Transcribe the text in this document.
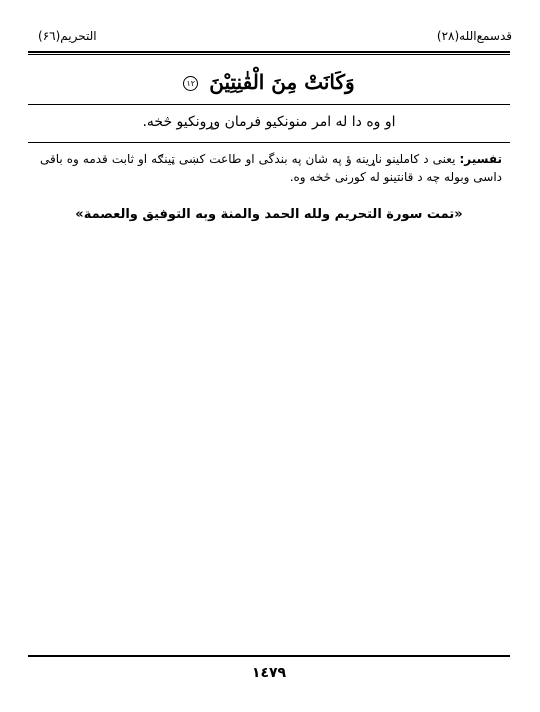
قدسمع‌الله(۲۸)
التحریم(۶٦)
وَكَانَتْ مِنَ الْقٰنِتِيْنَ ١٢
او وه دا له امر منونکیو فرمان وړونکیو څخه.
تفسیر: یعنی د کاملینو ناړینه ؤ په شان په بندگی او طاعت کښی ټینګه او ثابت قدمه وه باقی داسی وبوله چه د قانتینو له کورنی څخه وه.
«تمت سورة التحريم ولله الحمد والمنة وبه التوفيق والعصمة»
١٤٧٩
